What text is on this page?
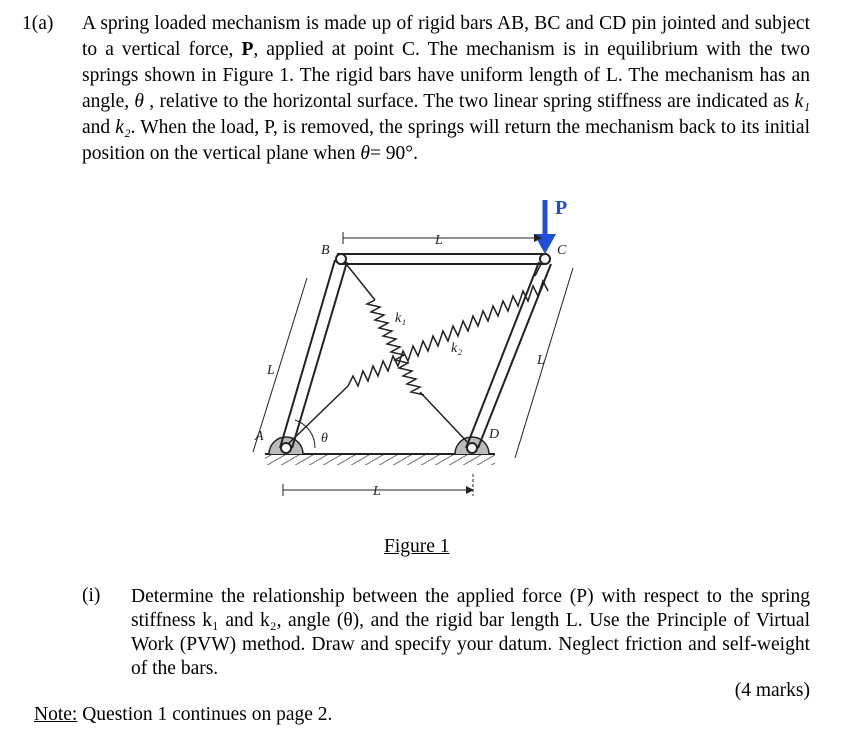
1(a) A spring loaded mechanism is made up of rigid bars AB, BC and CD pin jointed and subject to a vertical force, P, applied at point C. The mechanism is in equilibrium with the two springs shown in Figure 1. The rigid bars have uniform length of L. The mechanism has an angle, θ , relative to the horizontal surface. The two linear spring stiffness are indicated as k₁ and k₂. When the load, P, is removed, the springs will return the mechanism back to its initial position on the vertical plane when θ= 90°.
P
A
B	C
D
k₁
k₂
θ
L
L
L
L
Figure 1
(i) Determine the relationship between the applied force (P) with respect to the spring stiffness k₁ and k₂, angle (θ), and the rigid bar length L. Use the Principle of Virtual Work (PVW) method. Draw and specify your datum. Neglect friction and self-weight of the bars.
(4 marks)
Note: Question 1 continues on page 2.
